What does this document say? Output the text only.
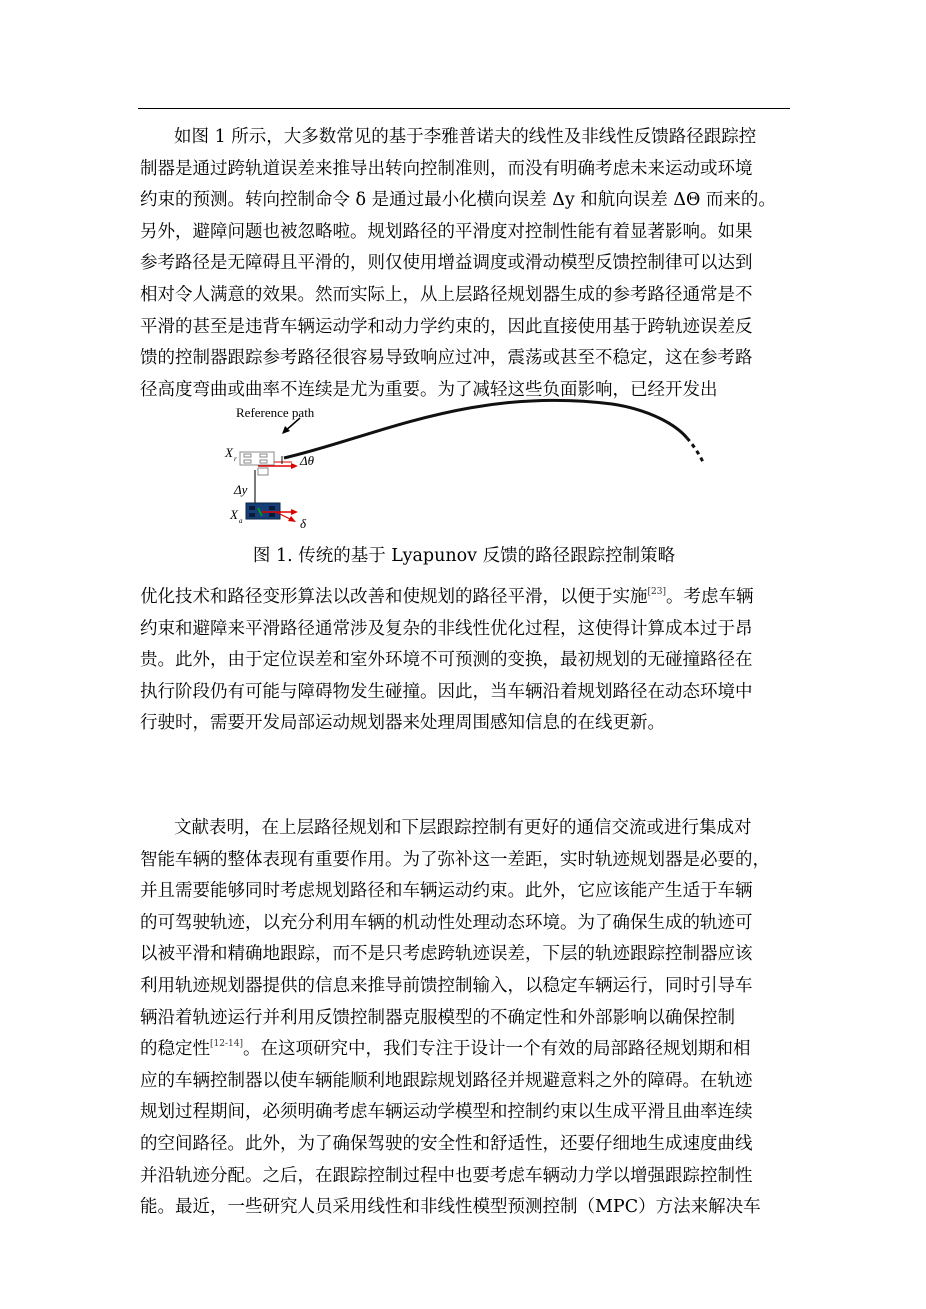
如图 1 所示，大多数常见的基于李雅普诺夫的线性及非线性反馈路径跟踪控
制器是通过跨轨道误差来推导出转向控制准则，而没有明确考虑未来运动或环境
约束的预测。转向控制命令 δ 是通过最小化横向误差 Δy 和航向误差 ΔΘ 而来的。
另外，避障问题也被忽略啦。规划路径的平滑度对控制性能有着显著影响。如果
参考路径是无障碍且平滑的，则仅使用增益调度或滑动模型反馈控制律可以达到
相对令人满意的效果。然而实际上，从上层路径规划器生成的参考路径通常是不
平滑的甚至是违背车辆运动学和动力学约束的，因此直接使用基于跨轨迹误差反
馈的控制器跟踪参考路径很容易导致响应过冲，震荡或甚至不稳定，这在参考路
径高度弯曲或曲率不连续是尤为重要。为了减轻这些负面影响，已经开发出
Reference path
X r	Δθ
Δy
X a	δ
图 1. 传统的基于 Lyapunov 反馈的路径跟踪控制策略
优化技术和路径变形算法以改善和使规划的路径平滑，以便于实施[23]。考虑车辆
约束和避障来平滑路径通常涉及复杂的非线性优化过程，这使得计算成本过于昂
贵。此外，由于定位误差和室外环境不可预测的变换，最初规划的无碰撞路径在
执行阶段仍有可能与障碍物发生碰撞。因此，当车辆沿着规划路径在动态环境中
行驶时，需要开发局部运动规划器来处理周围感知信息的在线更新。
文献表明，在上层路径规划和下层跟踪控制有更好的通信交流或进行集成对
智能车辆的整体表现有重要作用。为了弥补这一差距，实时轨迹规划器是必要的，
并且需要能够同时考虑规划路径和车辆运动约束。此外，它应该能产生适于车辆
的可驾驶轨迹，以充分利用车辆的机动性处理动态环境。为了确保生成的轨迹可
以被平滑和精确地跟踪，而不是只考虑跨轨迹误差，下层的轨迹跟踪控制器应该
利用轨迹规划器提供的信息来推导前馈控制输入，以稳定车辆运行，同时引导车
辆沿着轨迹运行并利用反馈控制器克服模型的不确定性和外部影响以确保控制
的稳定性[12-14]。在这项研究中，我们专注于设计一个有效的局部路径规划期和相
应的车辆控制器以使车辆能顺利地跟踪规划路径并规避意料之外的障碍。在轨迹
规划过程期间，必须明确考虑车辆运动学模型和控制约束以生成平滑且曲率连续
的空间路径。此外，为了确保驾驶的安全性和舒适性，还要仔细地生成速度曲线
并沿轨迹分配。之后，在跟踪控制过程中也要考虑车辆动力学以增强跟踪控制性
能。最近，一些研究人员采用线性和非线性模型预测控制（MPC）方法来解决车
